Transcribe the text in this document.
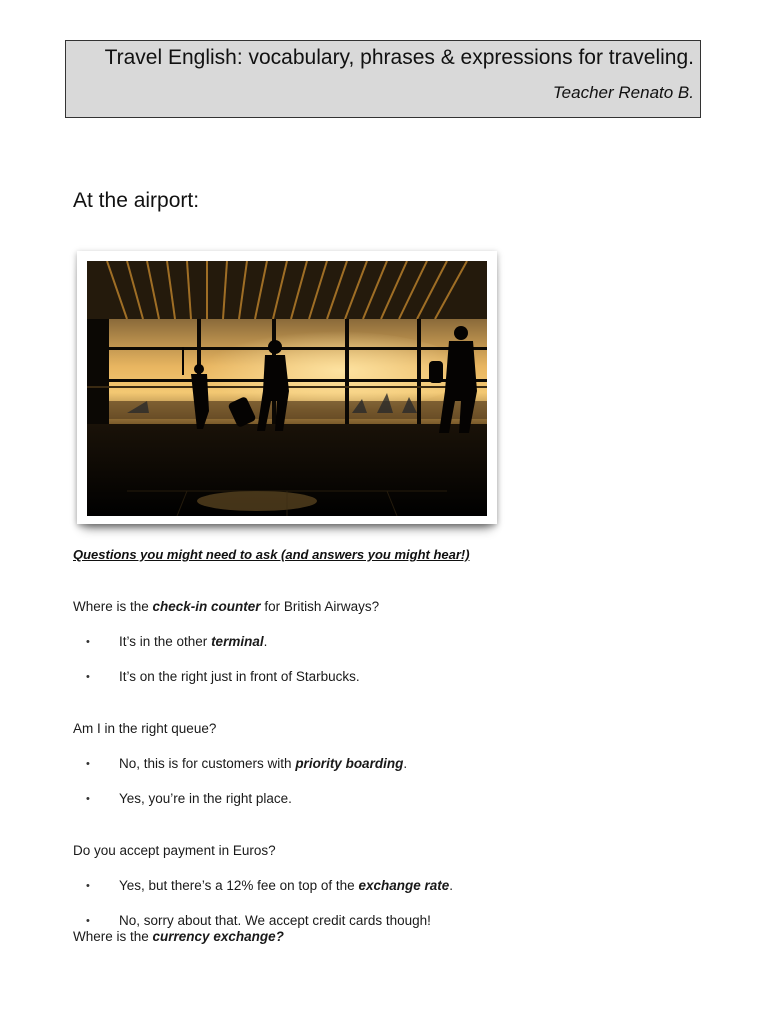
Travel English: vocabulary, phrases & expressions for traveling.
Teacher Renato B.
At the airport:
Questions you might need to ask (and answers you might hear!)
Where is the check-in counter for British Airways?
• It’s in the other terminal.
• It’s on the right just in front of Starbucks.
Am I in the right queue?
• No, this is for customers with priority boarding.
• Yes, you’re in the right place.
Do you accept payment in Euros?
• Yes, but there’s a 12% fee on top of the exchange rate.
• No, sorry about that. We accept credit cards though!
Where is the currency exchange?
